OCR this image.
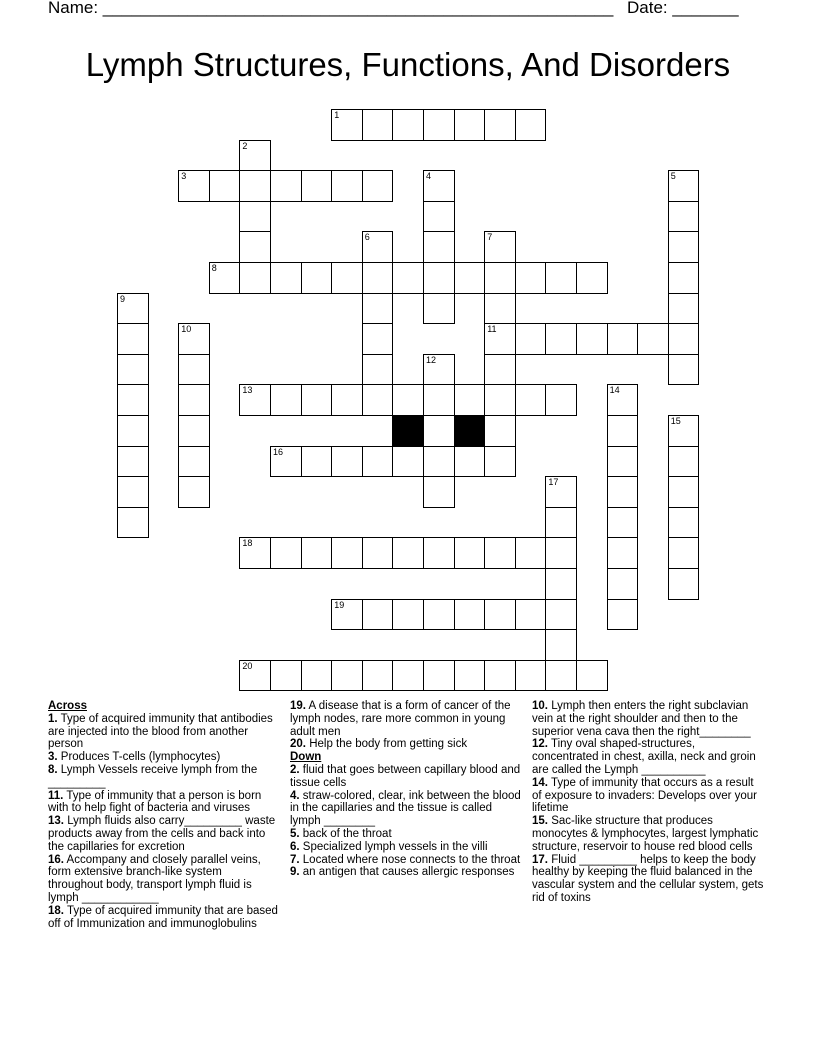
Name: ______________________________________________________ Date: _______
Lymph Structures, Functions, And Disorders
1
2
3	4	5
6	7
11
8
9
10
12
13	14
15
17
16
18
19
20
Across
1. Type of acquired immunity that antibodies are injected into the blood from another person
3. Produces T-cells (lymphocytes)
8. Lymph Vessels receive lymph from the _________
11. Type of immunity that a person is born with to help fight of bacteria and viruses
13. Lymph fluids also carry_________ waste products away from the cells and back into the capillaries for excretion
16. Accompany and closely parallel veins, form extensive branch-like system throughout body, transport lymph fluid is lymph ____________
18. Type of acquired immunity that are based off of Immunization and immunoglobulins
19. A disease that is a form of cancer of the lymph nodes, rare more common in young adult men
20. Help the body from getting sick
Down
2. fluid that goes between capillary blood and tissue cells
4. straw-colored, clear, ink between the blood in the capillaries and the tissue is called lymph ________
5. back of the throat
6. Specialized lymph vessels in the villi
7. Located where nose connects to the throat
9. an antigen that causes allergic responses
10. Lymph then enters the right subclavian vein at the right shoulder and then to the superior vena cava then the right________
12. Tiny oval shaped-structures, concentrated in chest, axilla, neck and groin are called the Lymph __________
14. Type of immunity that occurs as a result of exposure to invaders: Develops over your lifetime
15. Sac-like structure that produces monocytes & lymphocytes, largest lymphatic structure, reservoir to house red blood cells
17. Fluid _________ helps to keep the body healthy by keeping the fluid balanced in the vascular system and the cellular system, gets rid of toxins
